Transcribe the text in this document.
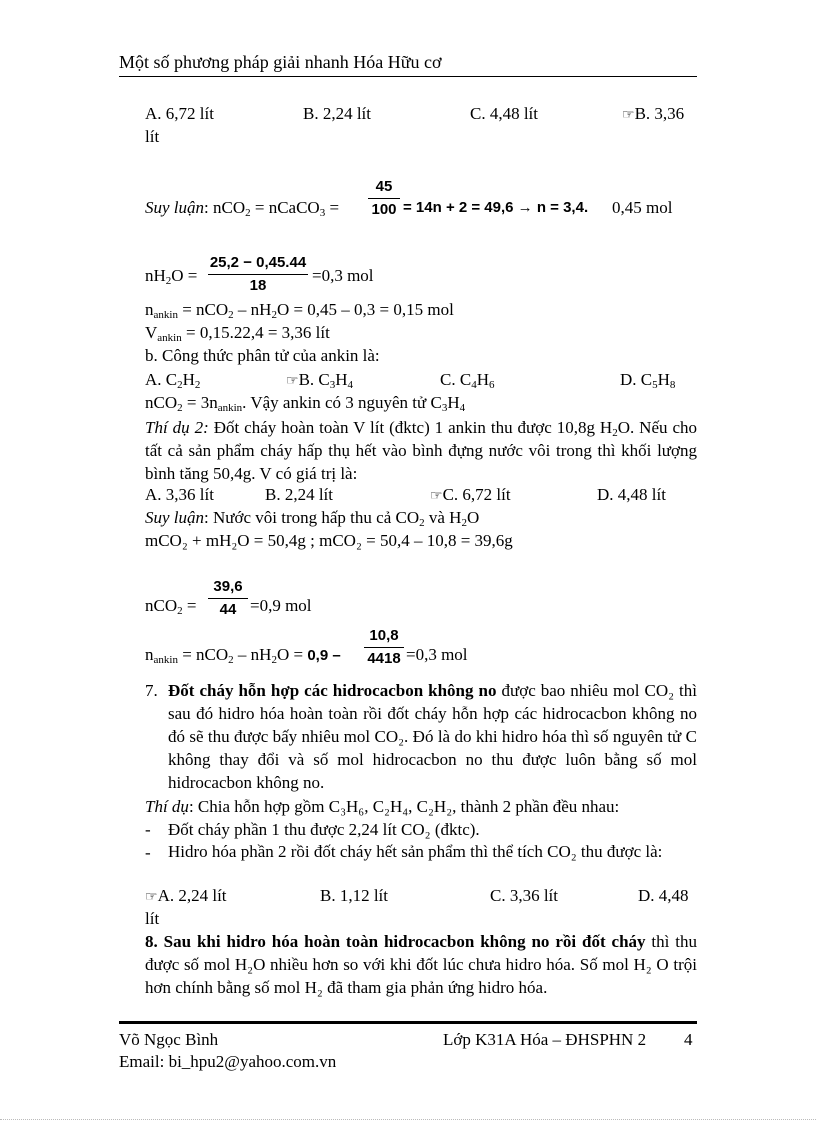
Một số phương pháp giải nhanh Hóa Hữu cơ
A. 6,72 lít	B. 2,24 lít	C. 4,48 lít	☞B. 3,36
lít
Suy luận: nCO$_2$ = nCaCO$_3$ =
45
100 = 14n + 2 = 49,6 → n = 3,4. 0,45 mol
$nH_2O$ =
25,2 − 0,45.44
18
=0,3 mol
$n_{ankin} = nCO_2 - nH_2O = 0,45 - 0,3 = 0,15$ mol
$V_{ankin} = 0,15.22,4 = 3,36$ lít
b. Công thức phân tử của ankin là:
A. $C_2H_2$	☞B. $C_3H_4$	C. $C_4H_6$	D. $C_5H_8$
$nCO_2 = 3n_{ankin}$. Vậy ankin có 3 nguyên tử $C_3H_4$
Thí dụ 2: Đốt cháy hoàn toàn V lít (đktc) 1 ankin thu được 10,8g $H_2O$. Nếu cho tất cả sản phẩm cháy hấp thụ hết vào bình đựng nước vôi trong thì khối lượng bình tăng 50,4g. V có giá trị là:
A. 3,36 lít	B. 2,24 lít	☞C. 6,72 lít	D. 4,48 lít
Suy luận: Nước vôi trong hấp thu cả $CO_2$ và $H_2O$
mCO₂ + mH₂O = 50,4g ; mCO₂ = 50,4 – 10,8 = 39,6g
nCO$_2$ =
39,6
44 =0,9 mol
$n_{ankin} = nCO_2 - nH_2O = 0,9$ –
10,8
4418 =0,3 mol
7. Đốt cháy hỗn hợp các hidrocacbon không no được bao nhiêu mol CO₂ thì sau đó hidro hóa hoàn toàn rồi đốt cháy hỗn hợp các hidrocacbon không no đó sẽ thu được bấy nhiêu mol CO₂. Đó là do khi hidro hóa thì số nguyên tử C không thay đổi và số mol hidrocacbon no thu được luôn bằng số mol hidrocacbon không no.
Thí dụ: Chia hỗn hợp gồm C₃H₆, C₂H₄, C₂H₂, thành 2 phần đều nhau:
- Đốt cháy phần 1 thu được 2,24 lít CO₂ (đktc).
- Hidro hóa phần 2 rồi đốt cháy hết sản phẩm thì thể tích CO₂ thu được là:
☞A. 2,24 lít	B. 1,12 lít	C. 3,36 lít	D. 4,48
lít
8. Sau khi hidro hóa hoàn toàn hidrocacbon không no rồi đốt cháy thì thu được số mol H₂O nhiều hơn so với khi đốt lúc chưa hidro hóa. Số mol H₂ O trội hơn chính bằng số mol H₂ đã tham gia phản ứng hidro hóa.
Võ Ngọc Bình	Lớp K31A Hóa – ĐHSPHN 2 4
Email: bi_hpu2@yahoo.com.vn
